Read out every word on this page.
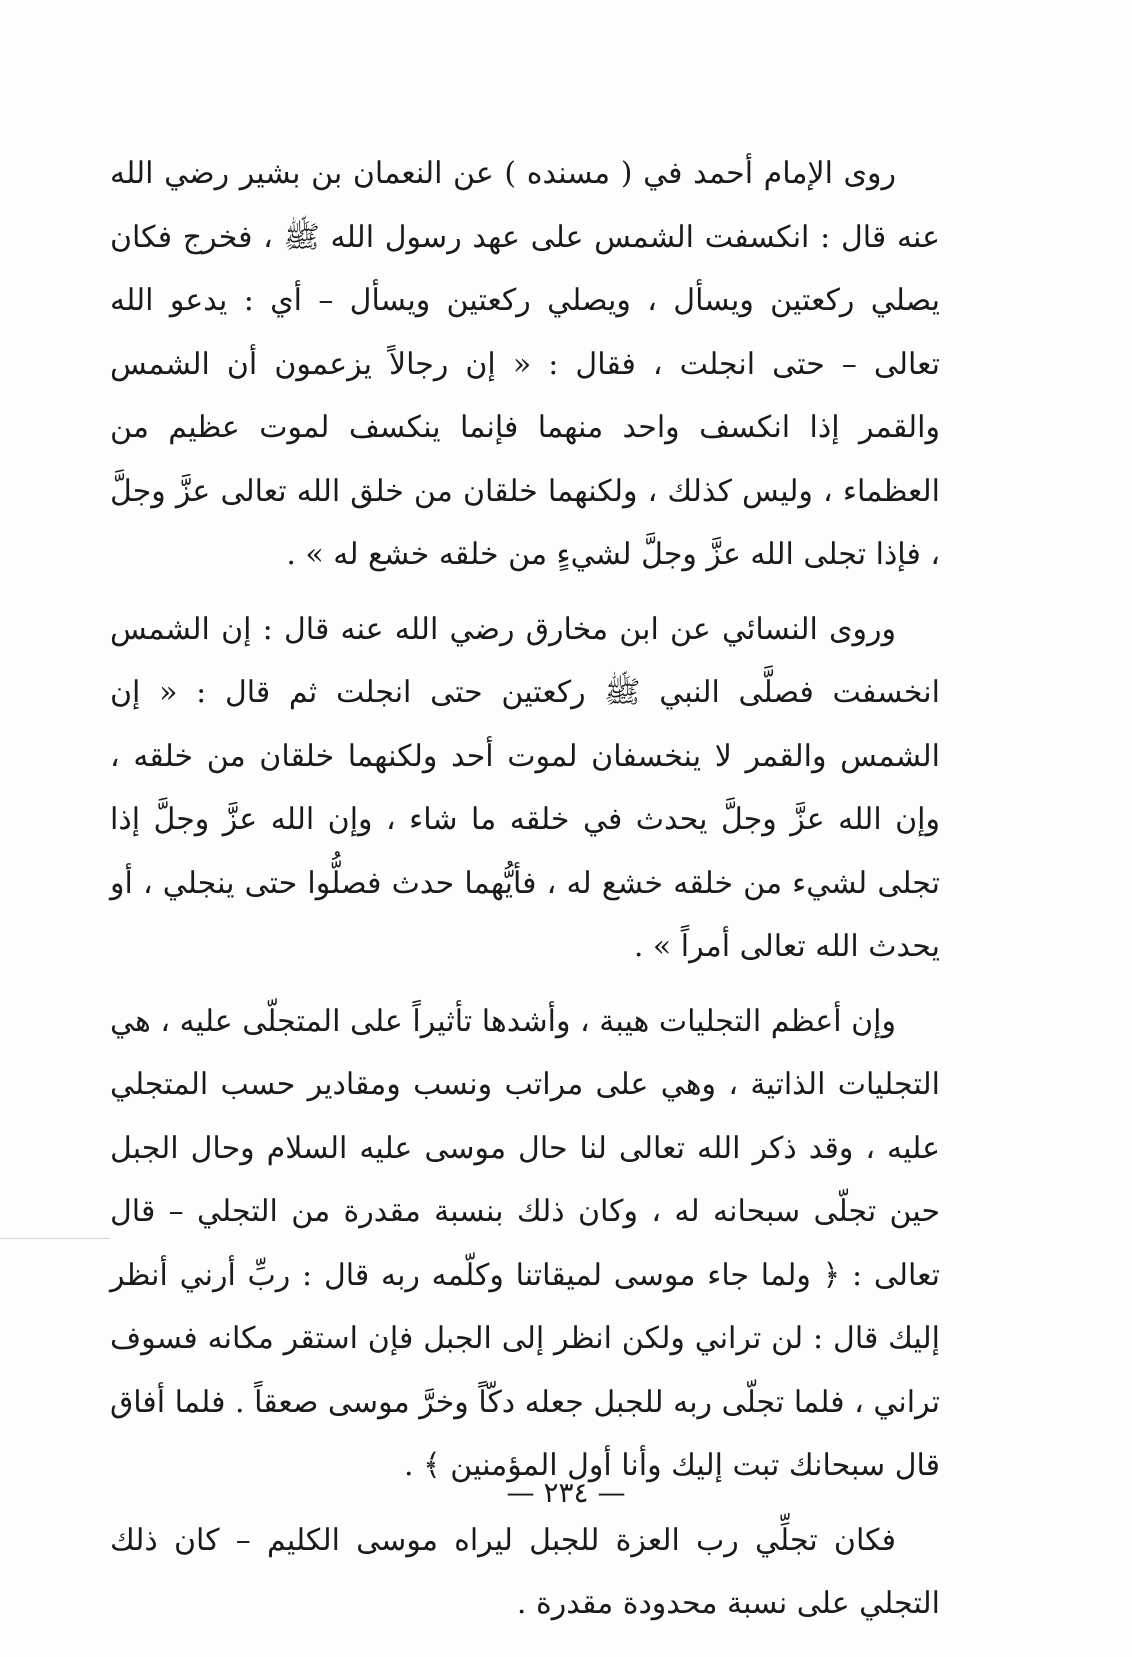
روى الإمام أحمد في ( مسنده ) عن النعمان بن بشير رضي الله عنه قال : انكسفت الشمس على عهد رسول الله ﷺ ، فخرج فكان يصلي ركعتين ويسأل ، ويصلي ركعتين ويسأل – أي : يدعو الله تعالى – حتى انجلت ، فقال : « إن رجالاً يزعمون أن الشمس والقمر إذا انكسف واحد منهما فإنما ينكسف لموت عظيم من العظماء ، وليس كذلك ، ولكنهما خلقان من خلق الله تعالى عزَّ وجلَّ ، فإذا تجلى الله عزَّ وجلَّ لشيءٍ من خلقه خشع له » .

وروى النسائي عن ابن مخارق رضي الله عنه قال : إن الشمس انخسفت فصلَّى النبي ﷺ ركعتين حتى انجلت ثم قال : « إن الشمس والقمر لا ينخسفان لموت أحد ولكنهما خلقان من خلقه ، وإن الله عزَّ وجلَّ يحدث في خلقه ما شاء ، وإن الله عزَّ وجلَّ إذا تجلى لشيء من خلقه خشع له ، فأيُّهما حدث فصلُّوا حتى ينجلي ، أو يحدث الله تعالى أمراً » .

وإن أعظم التجليات هيبة ، وأشدها تأثيراً على المتجلّى عليه ، هي التجليات الذاتية ، وهي على مراتب ونسب ومقادير حسب المتجلي عليه ، وقد ذكر الله تعالى لنا حال موسى عليه السلام وحال الجبل حين تجلّى سبحانه له ، وكان ذلك بنسبة مقدرة من التجلي – قال تعالى : ﴿ ولما جاء موسى لميقاتنا وكلّمه ربه قال : ربِّ أرني أنظر إليك قال : لن تراني ولكن انظر إلى الجبل فإن استقر مكانه فسوف تراني ، فلما تجلّى ربه للجبل جعله دكّاً وخرَّ موسى صعقاً . فلما أفاق قال سبحانك تبت إليك وأنا أول المؤمنين ﴾ .

فكان تجلِّي رب العزة للجبل ليراه موسى الكليم – كان ذلك التجلي على نسبة محدودة مقدرة .

— ٢٣٤ —
